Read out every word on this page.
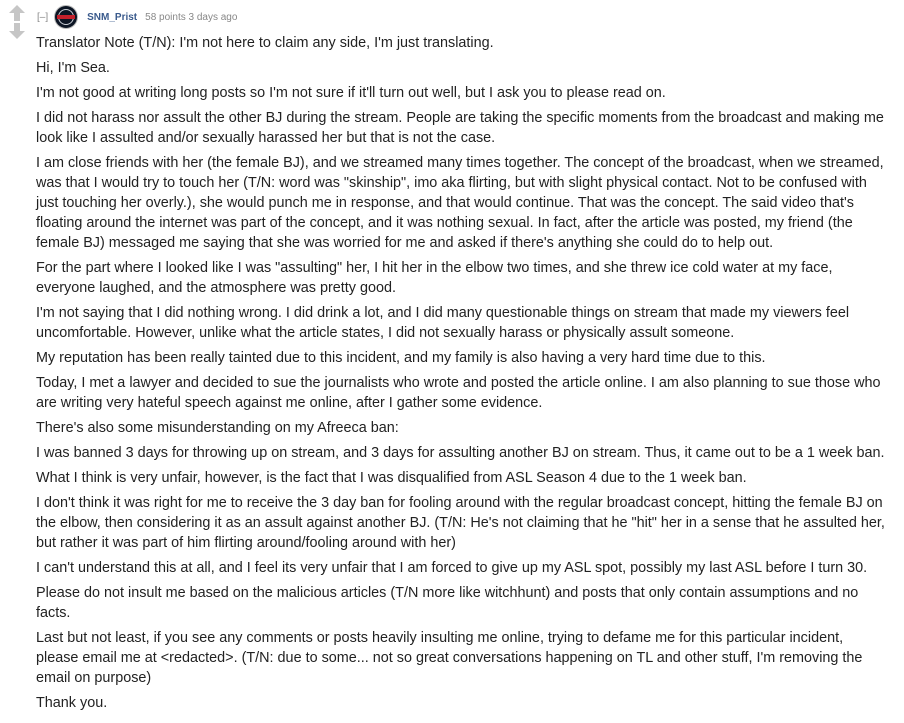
[–]	SNM_Prist 58 points 3 days ago

Translator Note (T/N): I'm not here to claim any side, I'm just translating.

Hi, I'm Sea.

I'm not good at writing long posts so I'm not sure if it'll turn out well, but I ask you to please read on.

I did not harass nor assult the other BJ during the stream. People are taking the specific moments from the broadcast and making me look like I assulted and/or sexually harassed her but that is not the case.

I am close friends with her (the female BJ), and we streamed many times together. The concept of the broadcast, when we streamed, was that I would try to touch her (T/N: word was "skinship", imo aka flirting, but with slight physical contact. Not to be confused with just touching her overly.), she would punch me in response, and that would continue. That was the concept. The said video that's floating around the internet was part of the concept, and it was nothing sexual. In fact, after the article was posted, my friend (the female BJ) messaged me saying that she was worried for me and asked if there's anything she could do to help out.

For the part where I looked like I was "assulting" her, I hit her in the elbow two times, and she threw ice cold water at my face, everyone laughed, and the atmosphere was pretty good.

I'm not saying that I did nothing wrong. I did drink a lot, and I did many questionable things on stream that made my viewers feel uncomfortable. However, unlike what the article states, I did not sexually harass or physically assult someone.

My reputation has been really tainted due to this incident, and my family is also having a very hard time due to this.

Today, I met a lawyer and decided to sue the journalists who wrote and posted the article online. I am also planning to sue those who are writing very hateful speech against me online, after I gather some evidence.

There's also some misunderstanding on my Afreeca ban:

I was banned 3 days for throwing up on stream, and 3 days for assulting another BJ on stream. Thus, it came out to be a 1 week ban.

What I think is very unfair, however, is the fact that I was disqualified from ASL Season 4 due to the 1 week ban.

I don't think it was right for me to receive the 3 day ban for fooling around with the regular broadcast concept, hitting the female BJ on the elbow, then considering it as an assult against another BJ. (T/N: He's not claiming that he "hit" her in a sense that he assulted her, but rather it was part of him flirting around/fooling around with her)

I can't understand this at all, and I feel its very unfair that I am forced to give up my ASL spot, possibly my last ASL before I turn 30.

Please do not insult me based on the malicious articles (T/N more like witchhunt) and posts that only contain assumptions and no facts.

Last but not least, if you see any comments or posts heavily insulting me online, trying to defame me for this particular incident, please email me at <redacted>. (T/N: due to some... not so great conversations happening on TL and other stuff, I'm removing the email on purpose)

Thank you.
